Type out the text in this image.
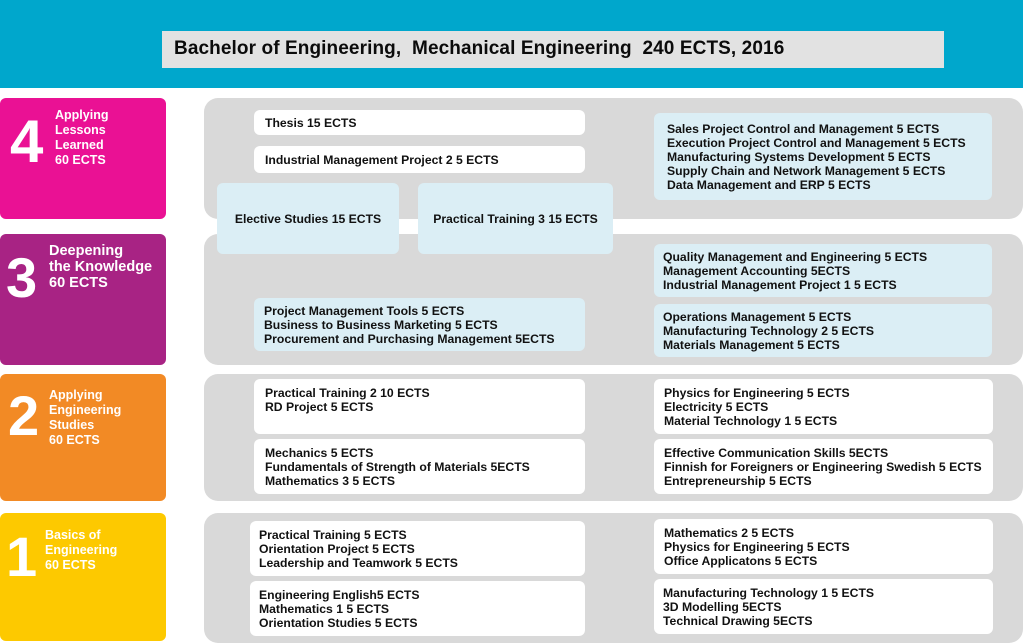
Bachelor of Engineering,  Mechanical Engineering  240 ECTS, 2016
4 Applying
Lessons
Learned
60 ECTS
3 Deepening
the Knowledge
60 ECTS
2 Applying
Engineering
Studies
60 ECTS
1 Basics of
Engineering
60 ECTS
Thesis 15 ECTS
Industrial Management Project 2 5 ECTS
Elective Studies 15 ECTS	Practical Training 3 15 ECTS
Sales Project Control and Management 5 ECTS
Execution Project Control and Management 5 ECTS
Manufacturing Systems Development 5 ECTS
Supply Chain and Network Management 5 ECTS
Data Management and ERP 5 ECTS
Quality Management and Engineering 5 ECTS
Management Accounting 5ECTS
Industrial Management Project 1 5 ECTS
Project Management Tools 5 ECTS
Business to Business Marketing 5 ECTS
Procurement and Purchasing Management 5ECTS
Operations Management 5 ECTS
Manufacturing Technology 2 5 ECTS
Materials Management 5 ECTS
Practical Training 2 10 ECTS
RD Project 5 ECTS
Physics for Engineering 5 ECTS
Electricity 5 ECTS
Material Technology 1 5 ECTS
Mechanics 5 ECTS
Fundamentals of Strength of Materials 5ECTS
Mathematics 3 5 ECTS
Effective Communication Skills 5ECTS
Finnish for Foreigners or Engineering Swedish 5 ECTS
Entrepreneurship 5 ECTS
Practical Training 5 ECTS
Orientation Project 5 ECTS
Leadership and Teamwork 5 ECTS
Mathematics 2 5 ECTS
Physics for Engineering 5 ECTS
Office Applicatons 5 ECTS
Engineering English5 ECTS
Mathematics 1 5 ECTS
Orientation Studies 5 ECTS
Manufacturing Technology 1 5 ECTS
3D Modelling 5ECTS
Technical Drawing 5ECTS
